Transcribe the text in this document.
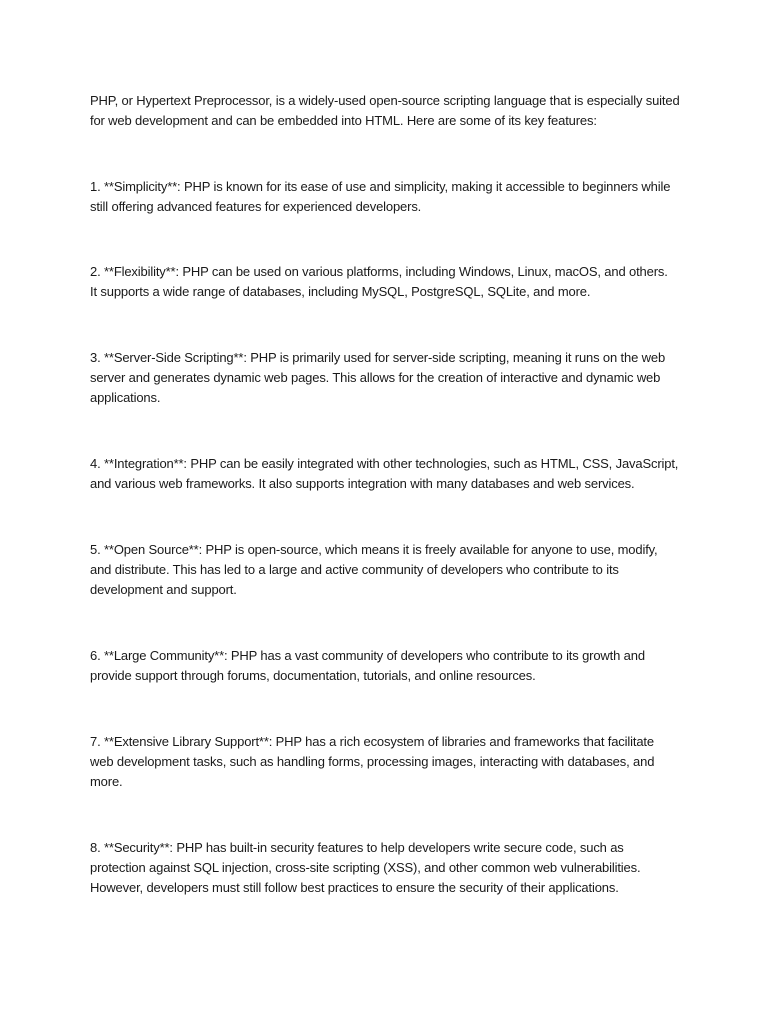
PHP, or Hypertext Preprocessor, is a widely-used open-source scripting language that is especially suited
for web development and can be embedded into HTML. Here are some of its key features:

1. **Simplicity**: PHP is known for its ease of use and simplicity, making it accessible to beginners while
still offering advanced features for experienced developers.

2. **Flexibility**: PHP can be used on various platforms, including Windows, Linux, macOS, and others.
It supports a wide range of databases, including MySQL, PostgreSQL, SQLite, and more.

3. **Server-Side Scripting**: PHP is primarily used for server-side scripting, meaning it runs on the web
server and generates dynamic web pages. This allows for the creation of interactive and dynamic web
applications.

4. **Integration**: PHP can be easily integrated with other technologies, such as HTML, CSS, JavaScript,
and various web frameworks. It also supports integration with many databases and web services.

5. **Open Source**: PHP is open-source, which means it is freely available for anyone to use, modify,
and distribute. This has led to a large and active community of developers who contribute to its
development and support.

6. **Large Community**: PHP has a vast community of developers who contribute to its growth and
provide support through forums, documentation, tutorials, and online resources.

7. **Extensive Library Support**: PHP has a rich ecosystem of libraries and frameworks that facilitate
web development tasks, such as handling forms, processing images, interacting with databases, and
more.

8. **Security**: PHP has built-in security features to help developers write secure code, such as
protection against SQL injection, cross-site scripting (XSS), and other common web vulnerabilities.
However, developers must still follow best practices to ensure the security of their applications.
